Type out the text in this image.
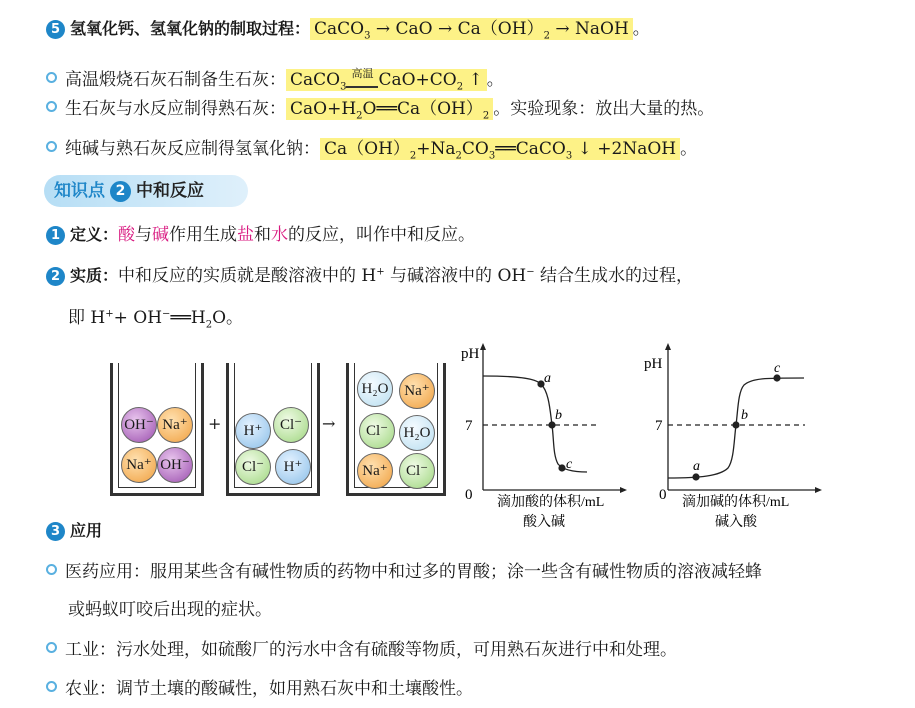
5 氢氧化钙、氢氧化钠的制取过程： CaCO$_3$ → CaO → $Ca(OH)_2$ → NaOH 。
高温煅烧石灰石制备生石灰： CaCO$_3$高温 $CaO+CO_2$ ↑ 。
生石灰与水反应制得熟石灰： $CaO+H_2O══Ca(OH)_2$ 。实验现象：放出大量的热。
纯碱与熟石灰反应制得氢氧化钠： $Ca(OH)_2+Na_2CO_3══CaCO_3$ ↓ +2NaOH 。
知识点 2 中和反应
1 定义：酸与碱作用生成盐和水的反应，叫作中和反应。
2 实质：中和反应的实质就是酸溶液中的 H+ 与碱溶液中的 OH− 结合生成水的过程，
即 $H^++ OH^-══H_2O$。
OH⁻ Na⁺
Na⁺ OH⁻
+	H⁺	Cl⁻
Cl⁻	H⁺
→
H₂O	Na⁺
Cl⁻	H₂O
Na⁺	Cl⁻
pH
0
7
a
b
c
滴加酸的体积/mL
酸入碱
pH
0
7
a
b
c
滴加碱的体积/mL
碱入酸
3 应用
医药应用：服用某些含有碱性物质的药物中和过多的胃酸；涂一些含有碱性物质的溶液减轻蜂
或蚂蚁叮咬后出现的症状。
工业：污水处理，如硫酸厂的污水中含有硫酸等物质，可用熟石灰进行中和处理。
农业：调节土壤的酸碱性，如用熟石灰中和土壤酸性。
